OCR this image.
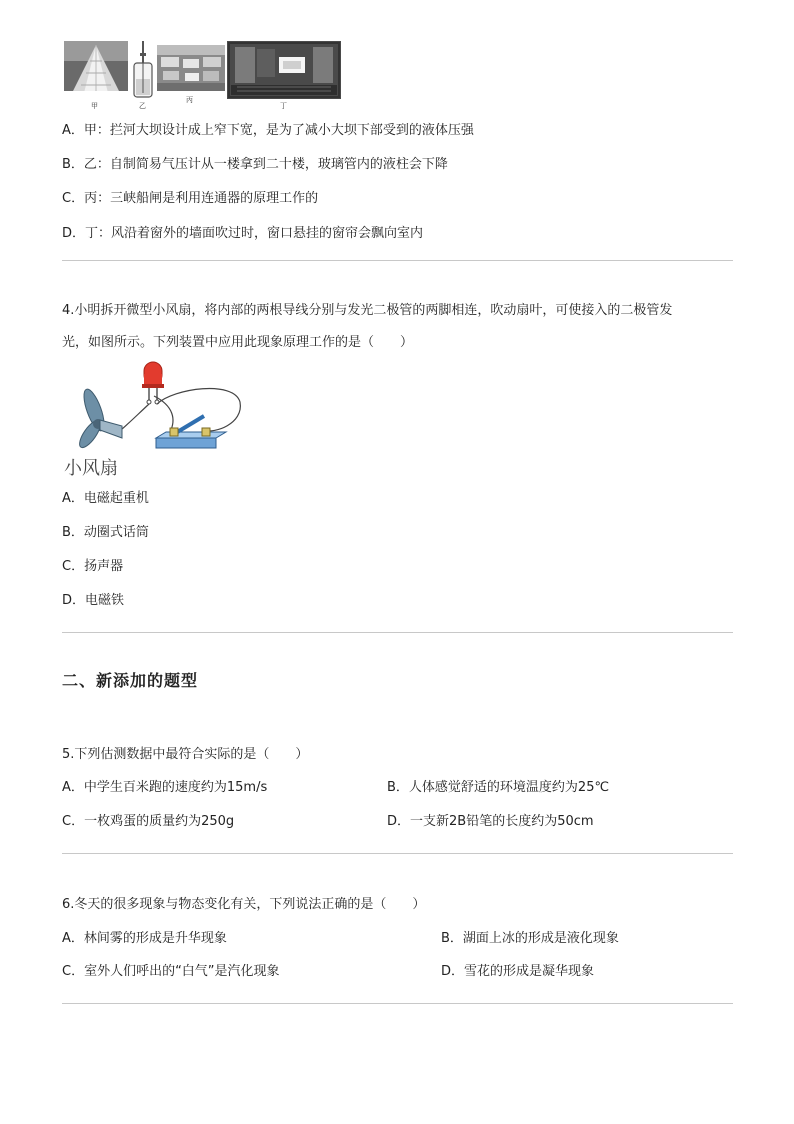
甲	乙
丙
丁
A．甲：拦河大坝设计成上窄下宽，是为了减小大坝下部受到的液体压强
B．乙：自制简易气压计从一楼拿到二十楼，玻璃管内的液柱会下降
C．丙：三峡船闸是利用连通器的原理工作的
D．丁：风沿着窗外的墙面吹过时，窗口悬挂的窗帘会飘向室内
4.小明拆开微型小风扇，将内部的两根导线分别与发光二极管的两脚相连，吹动扇叶，可使接入的二极管发
光，如图所示。下列装置中应用此现象原理工作的是（　　）
小风扇
A．电磁起重机
B．动圈式话筒
C．扬声器
D．电磁铁
二、新添加的题型
5.下列估测数据中最符合实际的是（　　）
A．中学生百米跑的速度约为15m/s	B．人体感觉舒适的环境温度约为25℃
C．一枚鸡蛋的质量约为250g	D．一支新2B铅笔的长度约为50cm
6.冬天的很多现象与物态变化有关，下列说法正确的是（　　）
A．林间雾的形成是升华现象	B．湖面上冰的形成是液化现象
C．室外人们呼出的“白气”是汽化现象	D．雪花的形成是凝华现象
